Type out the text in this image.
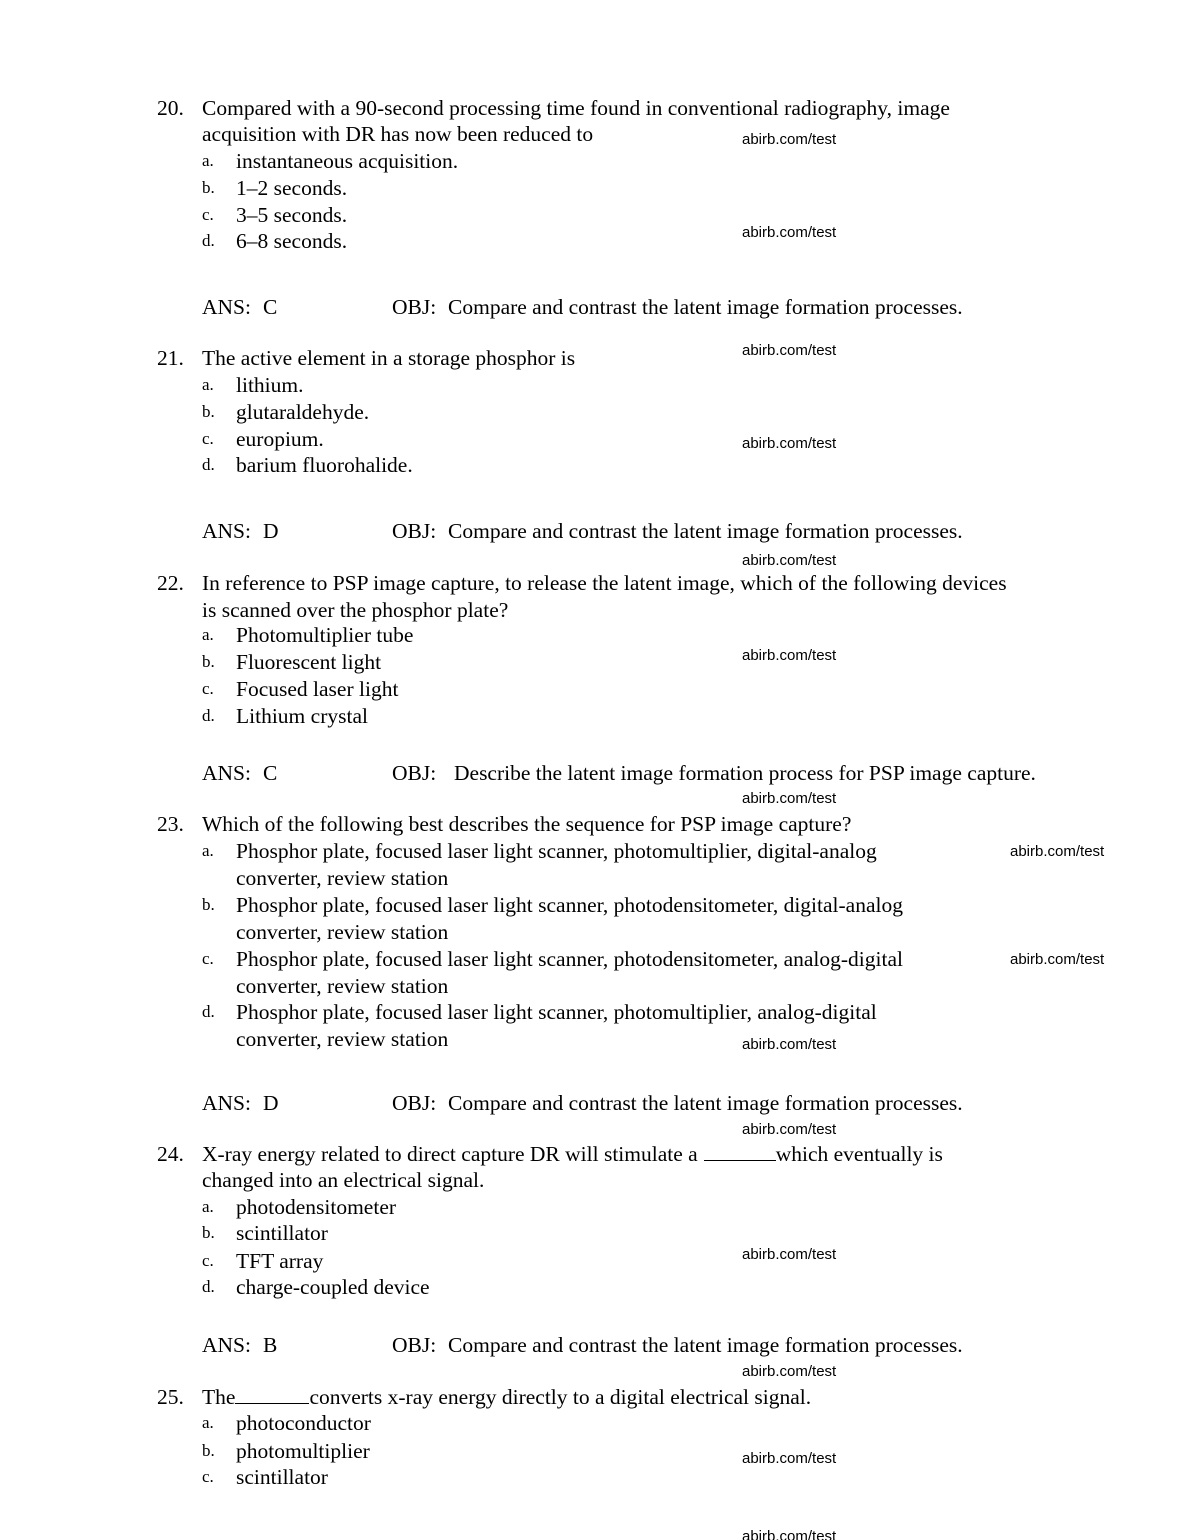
20. Compared with a 90-second processing time found in conventional radiography, image
acquisition with DR has now been reduced to
a. instantaneous acquisition.
b. 1–2 seconds.
c. 3–5 seconds.
d. 6–8 seconds.
ANS: C	OBJ: Compare and contrast the latent image formation processes.
21. The active element in a storage phosphor is
a. lithium.
b. glutaraldehyde.
c. europium.
d. barium fluorohalide.
ANS: D	OBJ: Compare and contrast the latent image formation processes.
22. In reference to PSP image capture, to release the latent image, which of the following devices
is scanned over the phosphor plate?
a. Photomultiplier tube
b. Fluorescent light
c. Focused laser light
d. Lithium crystal
ANS: C	OBJ: Describe the latent image formation process for PSP image capture.
23. Which of the following best describes the sequence for PSP image capture?
a. Phosphor plate, focused laser light scanner, photomultiplier, digital-analog
converter, review station
b. Phosphor plate, focused laser light scanner, photodensitometer, digital-analog
converter, review station
c. Phosphor plate, focused laser light scanner, photodensitometer, analog-digital
converter, review station
d. Phosphor plate, focused laser light scanner, photomultiplier, analog-digital
converter, review station
ANS: D	OBJ: Compare and contrast the latent image formation processes.
24. X-ray energy related to direct capture DR will stimulate a	which eventually is
changed into an electrical signal.
a. photodensitometer
b. scintillator
c. TFT array
d. charge-coupled device
ANS: B	OBJ: Compare and contrast the latent image formation processes.
25. The	converts x-ray energy directly to a digital electrical signal.
a. photoconductor
b. photomultiplier
c. scintillator
abirb.com/test
abirb.com/test
abirb.com/test
abirb.com/test
abirb.com/test
abirb.com/test
abirb.com/test
abirb.com/test
abirb.com/test
abirb.com/test
abirb.com/test
abirb.com/test
abirb.com/test
abirb.com/test
abirb.com/test
